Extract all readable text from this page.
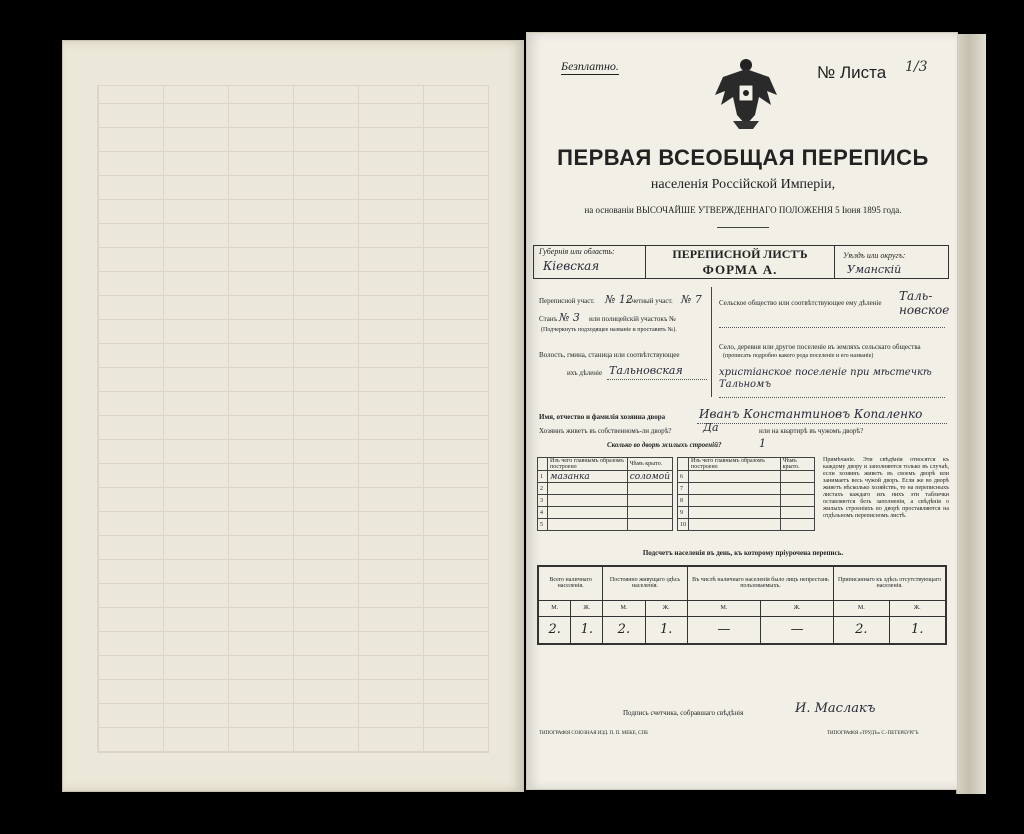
Безплатно.	№ Листа 1/3
ПЕРВАЯ ВСЕОБЩАЯ ПЕРЕПИСЬ
населенія Россійской Имперіи,
на основаніи ВЫСОЧАЙШЕ УТВЕРЖДЕННАГО ПОЛОЖЕНІЯ 5 Іюня 1895 года.
Губернія или область:
Кіевская
ПЕРЕПИСНОЙ ЛИСТЪ
ФОРМА А.
Уѣздъ или округъ:
Уманскій
Переписной участ. № 12
Счетный участ. № 7
Станъ № 3 или полицейскій участокъ №
(Подчеркнуть подходящее названіе и проставить №).
Волость, гмина, станица или соотвѣтствующее
ихъ дѣленіе Тальновская
Сельское общество или соотвѣтствующее ему дѣленіе	Таль-новское
Село, деревня или другое поселеніе въ земляхъ сельскаго общества
(прописать подробно какого рода поселеніе и его названіе)
христіанское поселеніе при мѣстечкѣ Тальномъ
Имя, отчество и фамилія хозяина двора	Иванъ Константиновъ Копаленко
Хозяинъ живетъ въ собственномъ-ли дворѣ?	Да	или на квартирѣ въ чужомъ дворѣ?
Сколько во дворѣ жилыхъ строеній?	1
	Изъ чего главнымъ образомъ построено	Чѣмъ крыто.
1	мазанка	соломой
2		
3		
4		
5		
	Изъ чего главнымъ образомъ построено	Чѣмъ крыто.
6		
7		
8		
9		
10		
Примѣчаніе. Эти свѣдѣнія относятся къ каждому двору и заполняются только въ случаѣ, если хозяинъ живетъ въ своемъ дворѣ или занимаетъ весь чужой дворъ. Если же во дворѣ живетъ нѣсколько хозяйствъ, то на переписныхъ листахъ каждаго изъ нихъ эти таблички оставляются безъ заполненія, а свѣдѣнія о жилыхъ строеніяхъ во дворѣ проставляются на отдѣльномъ переписномъ листѣ.
Подсчетъ населенія въ день, къ которому пріурочена перепись.
Всего наличнаго населенія.		Постоянно живущаго здѣсь населенія.		Въ числѣ наличнаго населенія было лицъ непрестань пользоваемыхъ.		Приписаннаго къ здѣсь отсутствующаго населенія.	
М.	Ж.	М.	Ж.	М.	Ж.	М.	Ж.
2.	1.	2.	1.	—	—	2.	1.
Подпись счетчика, собравшаго свѣдѣнія	И. Маслакъ
ТИПОГРАФІЯ СОЮЗНАЯ ИЗД. П. П. МЕКЕ, СПБ	ТИПОГРАФІЯ «ТРУДЪ» С.-ПЕТЕРБУРГЪ
